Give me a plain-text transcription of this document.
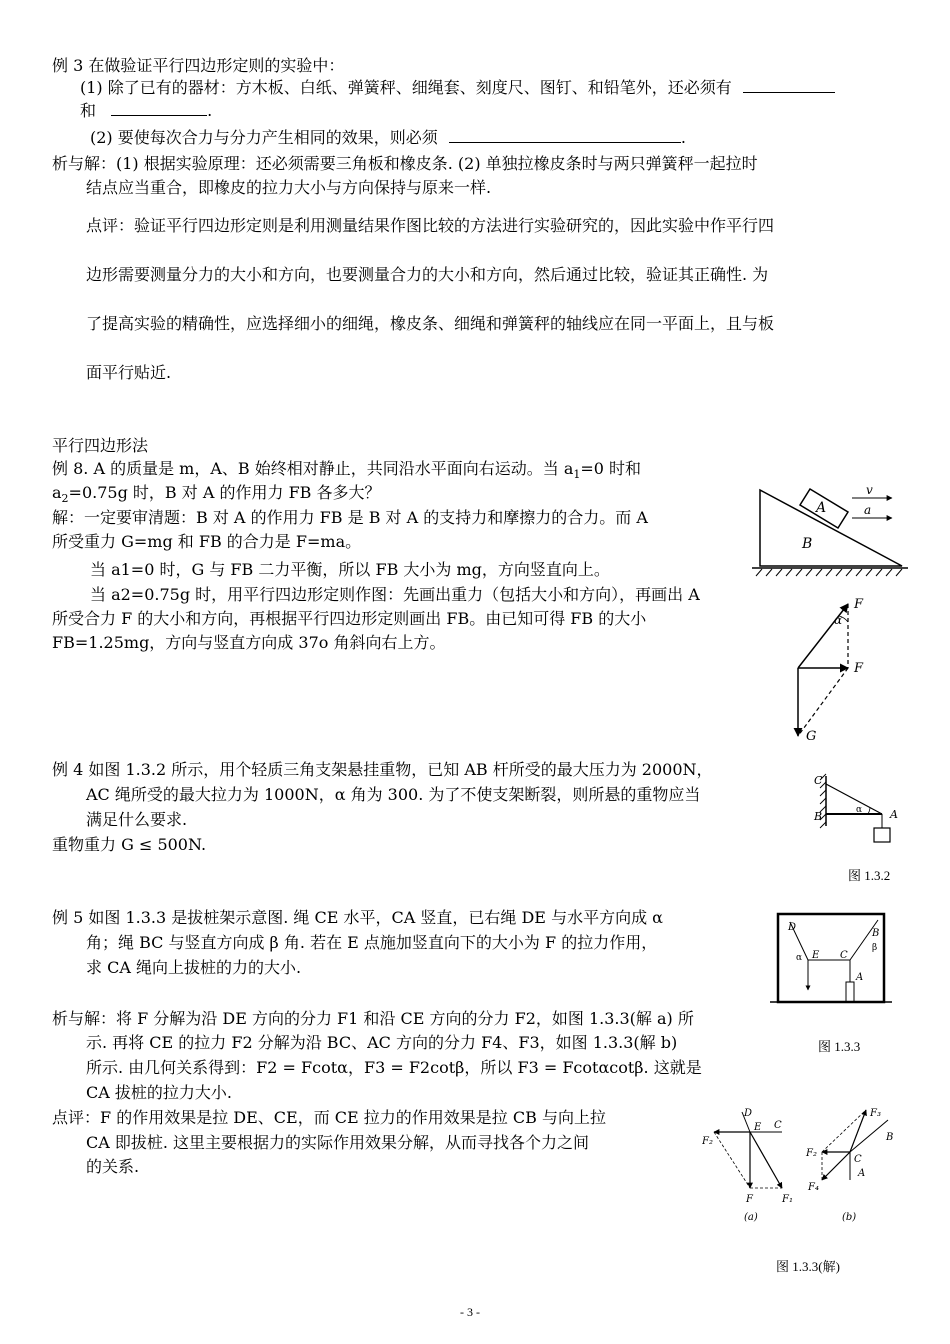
例 3 在做验证平行四边形定则的实验中：
(1) 除了已有的器材：方木板、白纸、弹簧秤、细绳套、刻度尺、图钉、和铅笔外，还必须有
和	.
(2) 要使每次合力与分力产生相同的效果，则必须	.
析与解：(1) 根据实验原理：还必须需要三角板和橡皮条. (2) 单独拉橡皮条时与两只弹簧秤一起拉时
结点应当重合，即橡皮的拉力大小与方向保持与原来一样.
点评：验证平行四边形定则是利用测量结果作图比较的方法进行实验研究的，因此实验中作平行四
边形需要测量分力的大小和方向，也要测量合力的大小和方向，然后通过比较，验证其正确性. 为
了提高实验的精确性，应选择细小的细绳，橡皮条、细绳和弹簧秤的轴线应在同一平面上，且与板
面平行贴近.
平行四边形法
例 8. A 的质量是 m，A、B 始终相对静止，共同沿水平面向右运动。当 $a_1=0$ 时和
$a_2=0.75g$ 时，B 对 A 的作用力 FB 各多大？
解：一定要审清题：B 对 A 的作用力 FB 是 B 对 A 的支持力和摩擦力的合力。而 A
所受重力 G=mg 和 FB 的合力是 F=ma。
当 a1=0 时，G 与 FB 二力平衡，所以 FB 大小为 mg，方向竖直向上。
当 a2=0.75g 时，用平行四边形定则作图：先画出重力（包括大小和方向），再画出 A
所受合力 F 的大小和方向，再根据平行四边形定则画出 FB。由已知可得 FB 的大小
FB=1.25mg，方向与竖直方向成 37o 角斜向右上方。
A
B
v
a
F
α
F
G
例 4 如图 1.3.2 所示，用个轻质三角支架悬挂重物，已知 AB 杆所受的最大压力为 2000N，
AC 绳所受的最大拉力为 1000N，α 角为 300. 为了不使支架断裂，则所悬的重物应当
满足什么要求.
重物重力 G ≤ 500N.
C
B	A
α
图 1.3.2
例 5 如图 1.3.3 是拔桩架示意图. 绳 CE 水平，CA 竖直，已右绳 DE 与水平方向成 α
角；绳 BC 与竖直方向成 β 角. 若在 E 点施加竖直向下的大小为 F 的拉力作用，
求 CA 绳向上拔桩的力的大小.
析与解：将 F 分解为沿 DE 方向的分力 F1 和沿 CE 方向的分力 F2，如图 1.3.3(解 a) 所
示. 再将 CE 的拉力 F2 分解为沿 BC、AC 方向的分力 F4、F3，如图 1.3.3(解 b)
所示. 由几何关系得到：F2 = Fcotα，F3 = F2cotβ，所以 F3 = Fcotαcotβ. 这就是
CA 拔桩的拉力大小.
点评：F 的作用效果是拉 DE、CE，而 CE 拉力的作用效果是拉 CB 与向上拉
CA 即拔桩. 这里主要根据力的实际作用效果分解，从而寻找各个力之间
的关系.
D
E C
B
A
α
β
图 1.3.3
D
E C
F₂
F	F₁
(a)
F₃
B
F₂
C
A
F₄
(b)
图 1.3.3(解)
- 3 -
